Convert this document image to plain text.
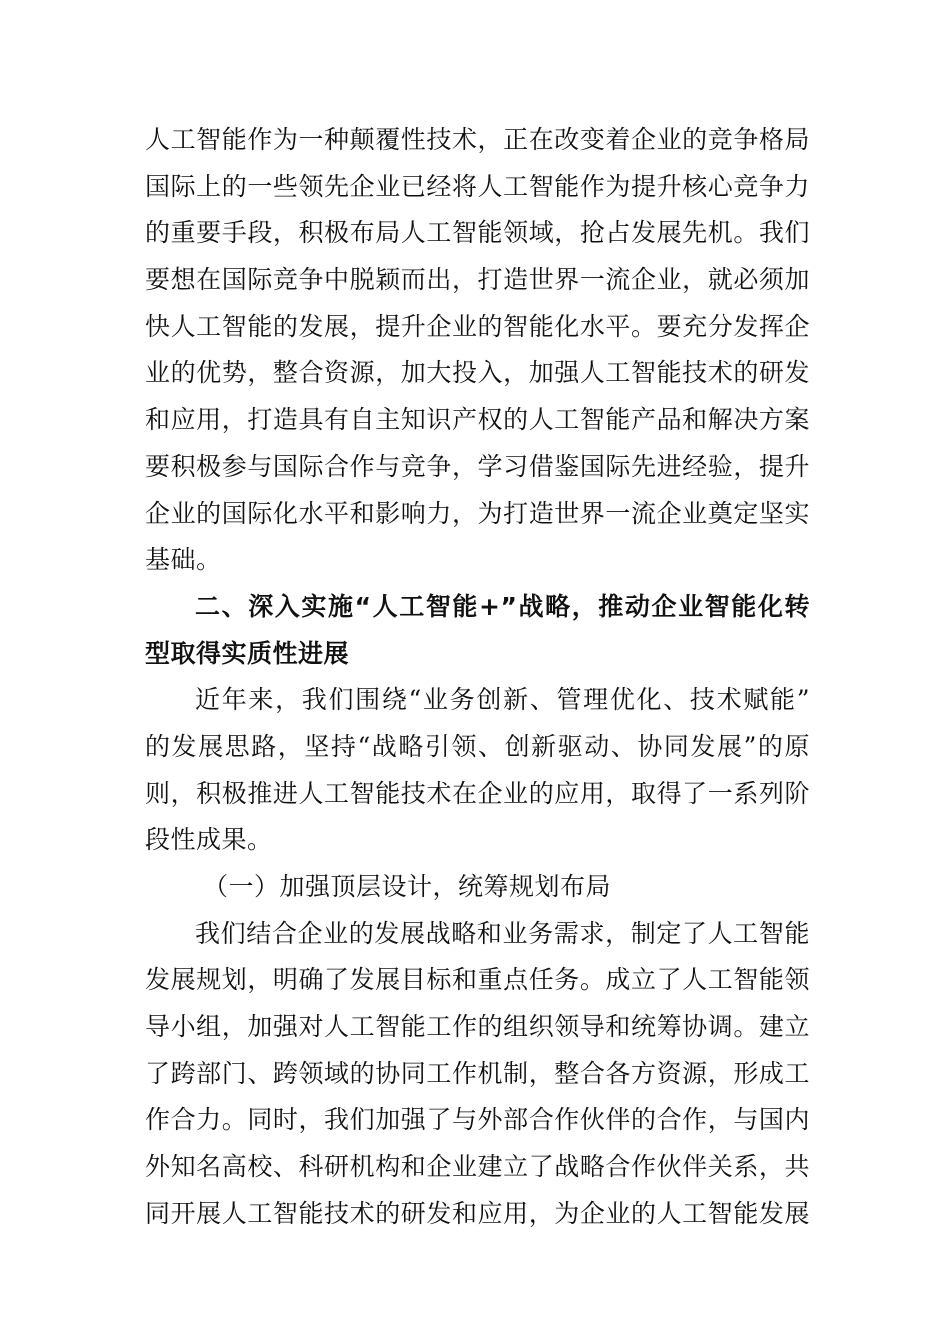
人工智能作为一种颠覆性技术，正在改变着企业的竞争格局
国际上的一些领先企业已经将人工智能作为提升核心竞争力
的重要手段，积极布局人工智能领域，抢占发展先机。我们
要想在国际竞争中脱颖而出，打造世界一流企业，就必须加
快人工智能的发展，提升企业的智能化水平。要充分发挥企
业的优势，整合资源，加大投入，加强人工智能技术的研发
和应用，打造具有自主知识产权的人工智能产品和解决方案
要积极参与国际合作与竞争，学习借鉴国际先进经验，提升
企业的国际化水平和影响力，为打造世界一流企业奠定坚实
基础。
二、深入实施“人工智能+”战略，推动企业智能化转
型取得实质性进展
近年来，我们围绕“业务创新、管理优化、技术赋能”
的发展思路，坚持“战略引领、创新驱动、协同发展”的原
则，积极推进人工智能技术在企业的应用，取得了一系列阶
段性成果。
（一）加强顶层设计，统筹规划布局
我们结合企业的发展战略和业务需求，制定了人工智能
发展规划，明确了发展目标和重点任务。成立了人工智能领
导小组，加强对人工智能工作的组织领导和统筹协调。建立
了跨部门、跨领域的协同工作机制，整合各方资源，形成工
作合力。同时，我们加强了与外部合作伙伴的合作，与国内
外知名高校、科研机构和企业建立了战略合作伙伴关系，共
同开展人工智能技术的研发和应用，为企业的人工智能发展
